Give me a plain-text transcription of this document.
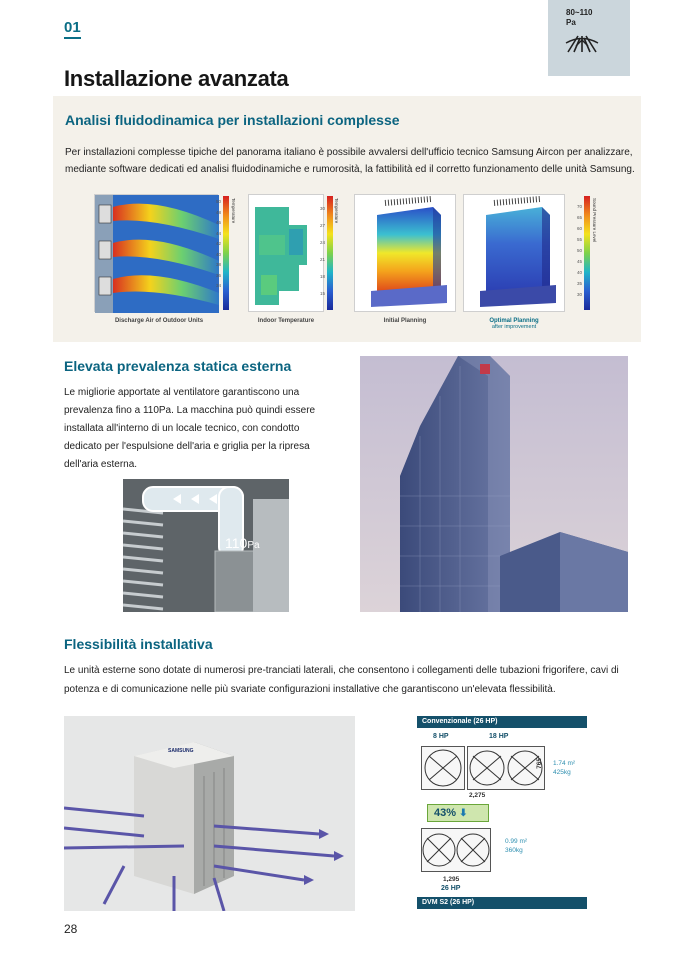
01
80~110
Pa
Installazione avanzata
Analisi fluidodinamica per installazioni complesse
Per installazioni complesse tipiche del panorama italiano è possibile avvalersi dell'ufficio tecnico Samsung Aircon per analizzare, mediante software dedicati ed analisi fluidodinamiche e rumorosità, la fattibilità ed il corretto funzionamento delle unità Samsung.
50
48
46
44
42
40
38
36
34
Temperature
Discharge Air of Outdoor Units
30
27
24
21
18
15
Temperature
Indoor Temperature	Initial Planning
70
65
60
55
50
45
40
35
30
Sound Pressure Level
Optimal Planning
after improvement
Elevata prevalenza statica esterna
Le migliorie apportate al ventilatore garantiscono una prevalenza fino a 110Pa. La macchina può quindi essere installata all'interno di un locale tecnico, con condotto dedicato per l'espulsione dell'aria e griglia per la ripresa dell'aria esterna.
110Pa
Flessibilità installativa
Le unità esterne sono dotate di numerosi pre-tranciati laterali, che consentono i collegamenti delle tubazioni frigorifere, cavi di potenza e di comunicazione nelle più svariate configurazioni installative che garantiscono un'elevata flessibilità.
SAMSUNG
Convenzionale (26 HP)
8 HP	18 HP
765 1.74 m²
425kg
2,275
43% ⬇
0.99 m²
360kg
1,295
26 HP
DVM S2 (26 HP)
28
